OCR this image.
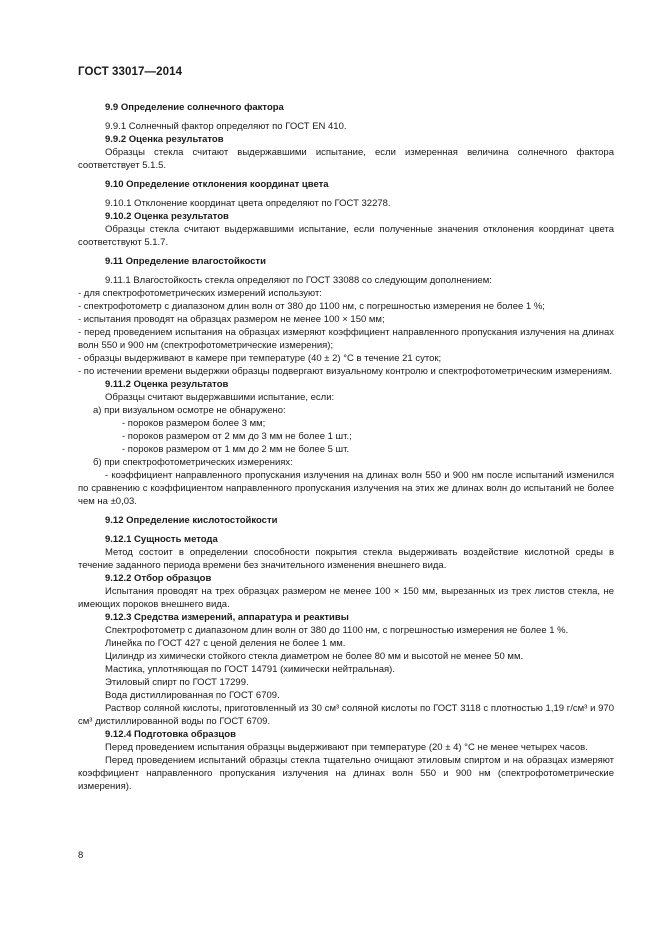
ГОСТ 33017—2014
9.9 Определение солнечного фактора
9.9.1 Солнечный фактор определяют по ГОСТ EN 410.
9.9.2 Оценка результатов
Образцы стекла считают выдержавшими испытание, если измеренная величина солнечного фактора соответствует 5.1.5.
9.10 Определение отклонения координат цвета
9.10.1 Отклонение координат цвета определяют по ГОСТ 32278.
9.10.2 Оценка результатов
Образцы стекла считают выдержавшими испытание, если полученные значения отклонения координат цвета соответствуют 5.1.7.
9.11 Определение влагостойкости
9.11.1 Влагостойкость стекла определяют по ГОСТ 33088 со следующим дополнением:
- для спектрофотометрических измерений используют:
- спектрофотометр с диапазоном длин волн от 380 до 1100 нм, с погрешностью измерения не более 1 %;
- испытания проводят на образцах размером не менее 100 × 150 мм;
- перед проведением испытания на образцах измеряют коэффициент направленного пропускания излучения на длинах волн 550 и 900 нм (спектрофотометрические измерения);
- образцы выдерживают в камере при температуре (40 ± 2) °С в течение 21 суток;
- по истечении времени выдержки образцы подвергают визуальному контролю и спектрофотометрическим измерениям.
9.11.2 Оценка результатов
Образцы считают выдержавшими испытание, если:
а) при визуальном осмотре не обнаружено:
- пороков размером более 3 мм;
- пороков размером от 2 мм до 3 мм не более 1 шт.;
- пороков размером от 1 мм до 2 мм не более 5 шт.
б) при спектрофотометрических измерениях:
- коэффициент направленного пропускания излучения на длинах волн 550 и 900 нм после испытаний изменился по сравнению с коэффициентом направленного пропускания излучения на этих же длинах волн до испытаний не более чем на ±0,03.
9.12 Определение кислотостойкости
9.12.1 Сущность метода
Метод состоит в определении способности покрытия стекла выдерживать воздействие кислотной среды в течение заданного периода времени без значительного изменения внешнего вида.
9.12.2 Отбор образцов
Испытания проводят на трех образцах размером не менее 100 × 150 мм, вырезанных из трех листов стекла, не имеющих пороков внешнего вида.
9.12.3 Средства измерений, аппаратура и реактивы
Спектрофотометр с диапазоном длин волн от 380 до 1100 нм, с погрешностью измерения не более 1 %.
Линейка по ГОСТ 427 с ценой деления не более 1 мм.
Цилиндр из химически стойкого стекла диаметром не более 80 мм и высотой не менее 50 мм.
Мастика, уплотняющая по ГОСТ 14791 (химически нейтральная).
Этиловый спирт по ГОСТ 17299.
Вода дистиллированная по ГОСТ 6709.
Раствор соляной кислоты, приготовленный из 30 см³ соляной кислоты по ГОСТ 3118 с плотностью 1,19 г/см³ и 970 см³ дистиллированной воды по ГОСТ 6709.
9.12.4 Подготовка образцов
Перед проведением испытания образцы выдерживают при температуре (20 ± 4) °С не менее четырех часов.
Перед проведением испытаний образцы стекла тщательно очищают этиловым спиртом и на образцах измеряют коэффициент направленного пропускания излучения на длинах волн 550 и 900 нм (спектрофотометрические измерения).
8
